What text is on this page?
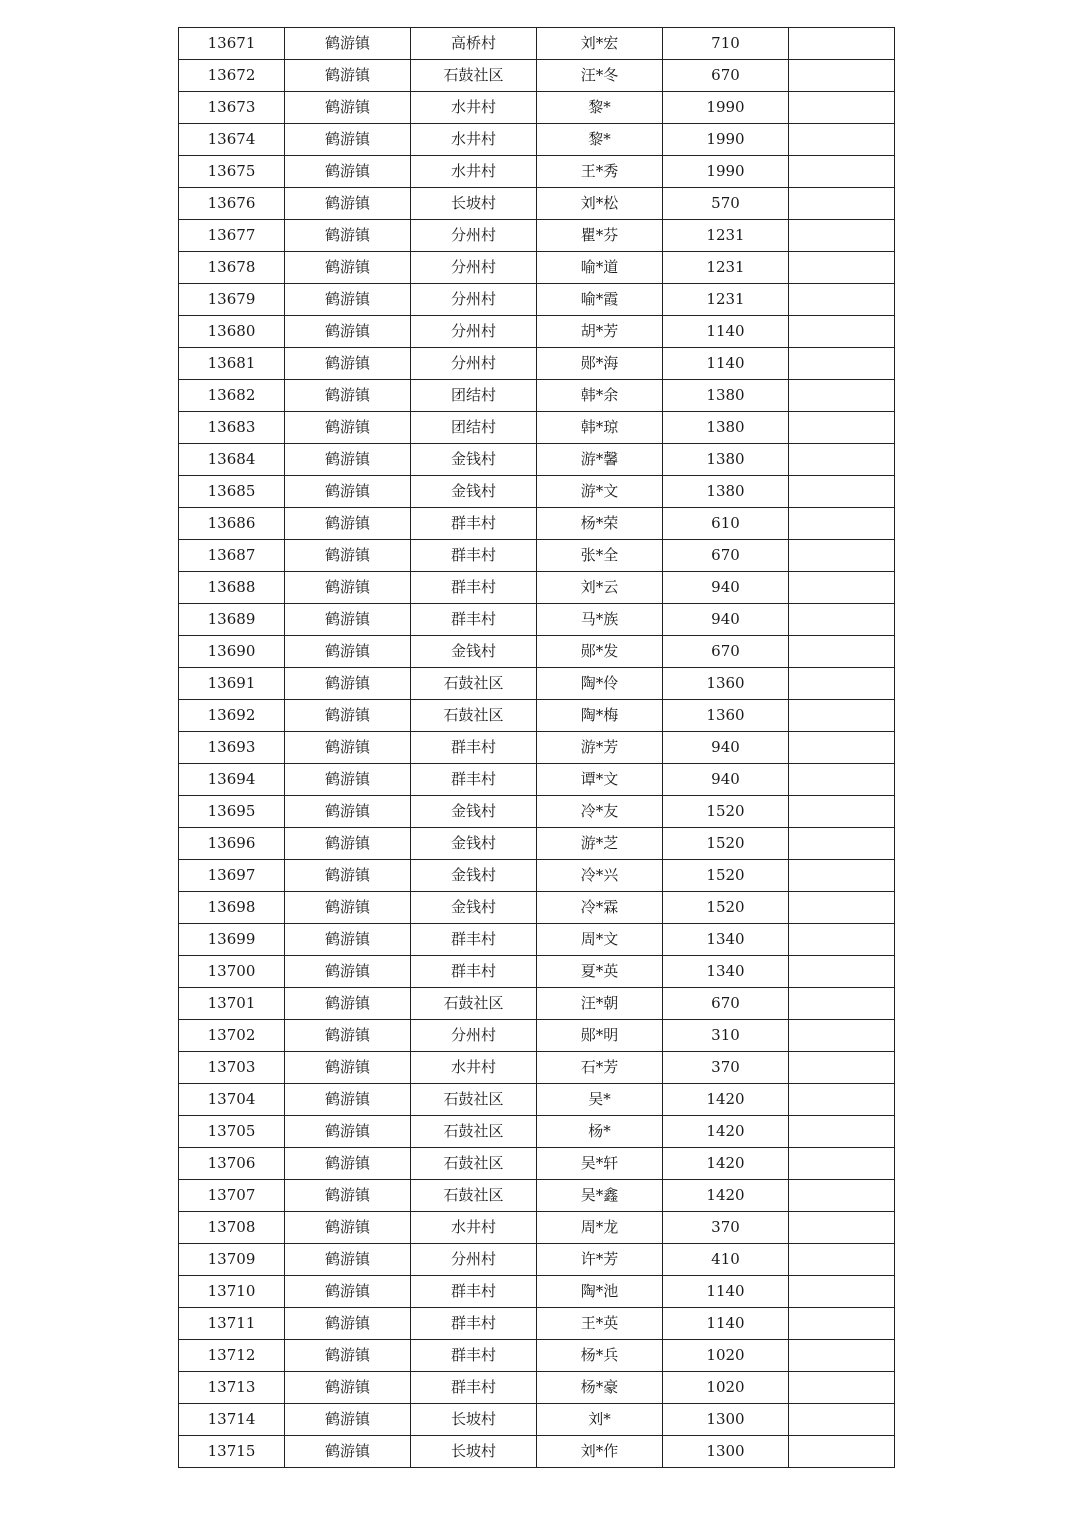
13671	鹤游镇	高桥村	刘*宏	710	
13672	鹤游镇	石鼓社区	汪*冬	670	
13673	鹤游镇	水井村	黎*	1990	
13674	鹤游镇	水井村	黎*	1990	
13675	鹤游镇	水井村	王*秀	1990	
13676	鹤游镇	长坡村	刘*松	570	
13677	鹤游镇	分州村	瞿*芬	1231	
13678	鹤游镇	分州村	喻*道	1231	
13679	鹤游镇	分州村	喻*霞	1231	
13680	鹤游镇	分州村	胡*芳	1140	
13681	鹤游镇	分州村	郧*海	1140	
13682	鹤游镇	团结村	韩*余	1380	
13683	鹤游镇	团结村	韩*琼	1380	
13684	鹤游镇	金钱村	游*馨	1380	
13685	鹤游镇	金钱村	游*文	1380	
13686	鹤游镇	群丰村	杨*荣	610	
13687	鹤游镇	群丰村	张*全	670	
13688	鹤游镇	群丰村	刘*云	940	
13689	鹤游镇	群丰村	马*族	940	
13690	鹤游镇	金钱村	郧*发	670	
13691	鹤游镇	石鼓社区	陶*伶	1360	
13692	鹤游镇	石鼓社区	陶*梅	1360	
13693	鹤游镇	群丰村	游*芳	940	
13694	鹤游镇	群丰村	谭*文	940	
13695	鹤游镇	金钱村	冷*友	1520	
13696	鹤游镇	金钱村	游*芝	1520	
13697	鹤游镇	金钱村	冷*兴	1520	
13698	鹤游镇	金钱村	冷*霖	1520	
13699	鹤游镇	群丰村	周*文	1340	
13700	鹤游镇	群丰村	夏*英	1340	
13701	鹤游镇	石鼓社区	汪*朝	670	
13702	鹤游镇	分州村	郧*明	310	
13703	鹤游镇	水井村	石*芳	370	
13704	鹤游镇	石鼓社区	吴*	1420	
13705	鹤游镇	石鼓社区	杨*	1420	
13706	鹤游镇	石鼓社区	吴*轩	1420	
13707	鹤游镇	石鼓社区	吴*鑫	1420	
13708	鹤游镇	水井村	周*龙	370	
13709	鹤游镇	分州村	许*芳	410	
13710	鹤游镇	群丰村	陶*池	1140	
13711	鹤游镇	群丰村	王*英	1140	
13712	鹤游镇	群丰村	杨*兵	1020	
13713	鹤游镇	群丰村	杨*豪	1020	
13714	鹤游镇	长坡村	刘*	1300	
13715	鹤游镇	长坡村	刘*作	1300	
